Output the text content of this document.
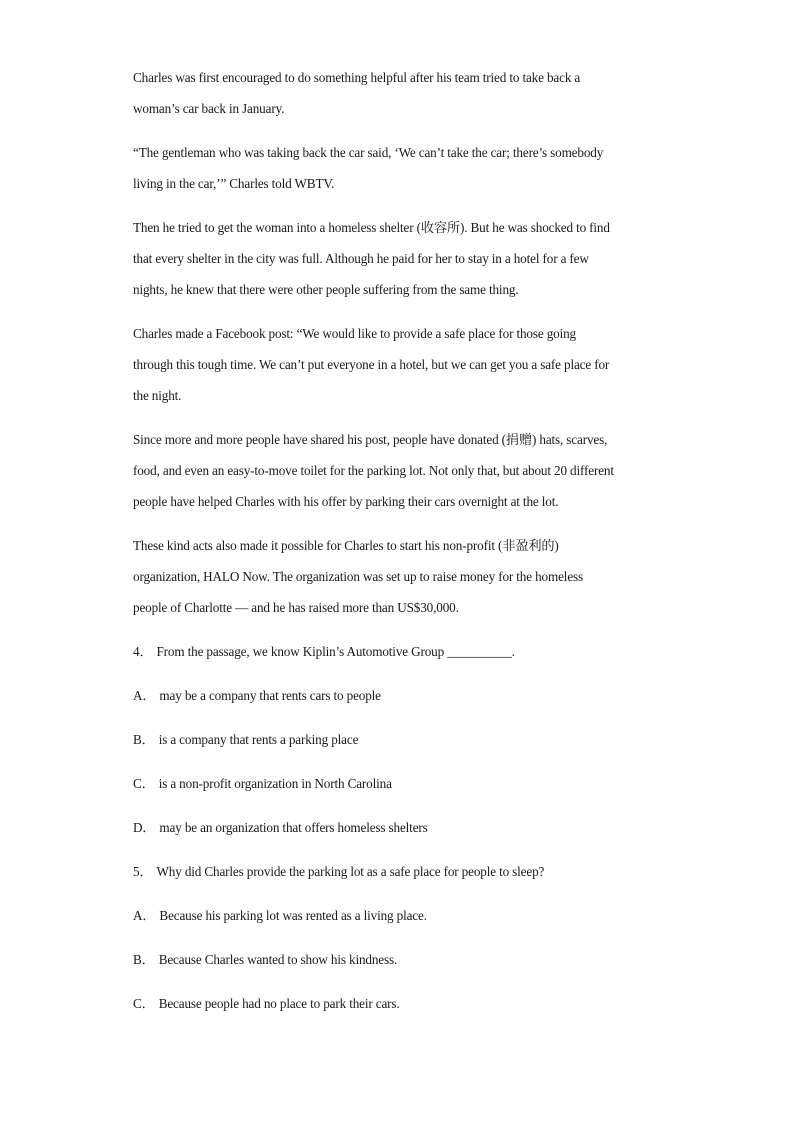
Charles was first encouraged to do something helpful after his team tried to take back a
woman’s car back in January.

“The gentleman who was taking back the car said, ‘We can’t take the car; there’s somebody
living in the car,’” Charles told WBTV.

Then he tried to get the woman into a homeless shelter (收容所). But he was shocked to find
that every shelter in the city was full. Although he paid for her to stay in a hotel for a few
nights, he knew that there were other people suffering from the same thing.

Charles made a Facebook post: “We would like to provide a safe place for those going
through this tough time. We can’t put everyone in a hotel, but we can get you a safe place for
the night.

Since more and more people have shared his post, people have donated (捐赠) hats, scarves,
food, and even an easy-to-move toilet for the parking lot. Not only that, but about 20 different
people have helped Charles with his offer by parking their cars overnight at the lot.

These kind acts also made it possible for Charles to start his non-profit (非盈利的)
organization, HALO Now. The organization was set up to raise money for the homeless
people of Charlotte — and he has raised more than US$30,000.

4． From the passage, we know Kiplin’s Automotive Group __________.

A． may be a company that rents cars to people

B． is a company that rents a parking place

C． is a non-profit organization in North Carolina

D． may be an organization that offers homeless shelters

5． Why did Charles provide the parking lot as a safe place for people to sleep?

A． Because his parking lot was rented as a living place.

B． Because Charles wanted to show his kindness.

C． Because people had no place to park their cars.
